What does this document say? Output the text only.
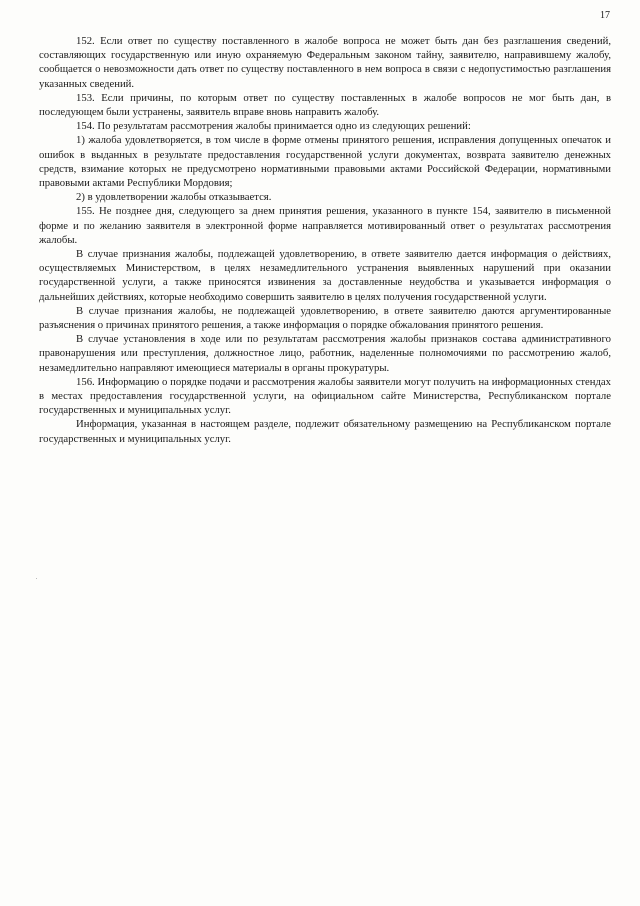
17

152. Если ответ по существу поставленного в жалобе вопроса не может быть дан без разглашения сведений, составляющих государственную или иную охраняемую Федеральным законом тайну, заявителю, направившему жалобу, сообщается о невозможности дать ответ по существу поставленного в нем вопроса в связи с недопустимостью разглашения указанных сведений.

153. Если причины, по которым ответ по существу поставленных в жалобе вопросов не мог быть дан, в последующем были устранены, заявитель вправе вновь направить жалобу.

154. По результатам рассмотрения жалобы принимается одно из следующих решений:

1) жалоба удовлетворяется, в том числе в форме отмены принятого решения, исправления допущенных опечаток и ошибок в выданных в результате предоставления государственной услуги документах, возврата заявителю денежных средств, взимание которых не предусмотрено нормативными правовыми актами Российской Федерации, нормативными правовыми актами Республики Мордовия;

2) в удовлетворении жалобы отказывается.

155. Не позднее дня, следующего за днем принятия решения, указанного в пункте 154, заявителю в письменной форме и по желанию заявителя в электронной форме направляется мотивированный ответ о результатах рассмотрения жалобы.

В случае признания жалобы, подлежащей удовлетворению, в ответе заявителю дается информация о действиях, осуществляемых Министерством, в целях незамедлительного устранения выявленных нарушений при оказании государственной услуги, а также приносятся извинения за доставленные неудобства и указывается информация о дальнейших действиях, которые необходимо совершить заявителю в целях получения государственной услуги.

В случае признания жалобы, не подлежащей удовлетворению, в ответе заявителю даются аргументированные разъяснения о причинах принятого решения, а также информация о порядке обжалования принятого решения.

В случае установления в ходе или по результатам рассмотрения жалобы признаков состава административного правонарушения или преступления, должностное лицо, работник, наделенные полномочиями по рассмотрению жалоб, незамедлительно направляют имеющиеся материалы в органы прокуратуры.

156. Информацию о порядке подачи и рассмотрения жалобы заявители могут получить на информационных стендах в местах предоставления государственной услуги, на официальном сайте Министерства, Республиканском портале государственных и муниципальных услуг.

Информация, указанная в настоящем разделе, подлежит обязательному размещению на Республиканском портале государственных и муниципальных услуг.
